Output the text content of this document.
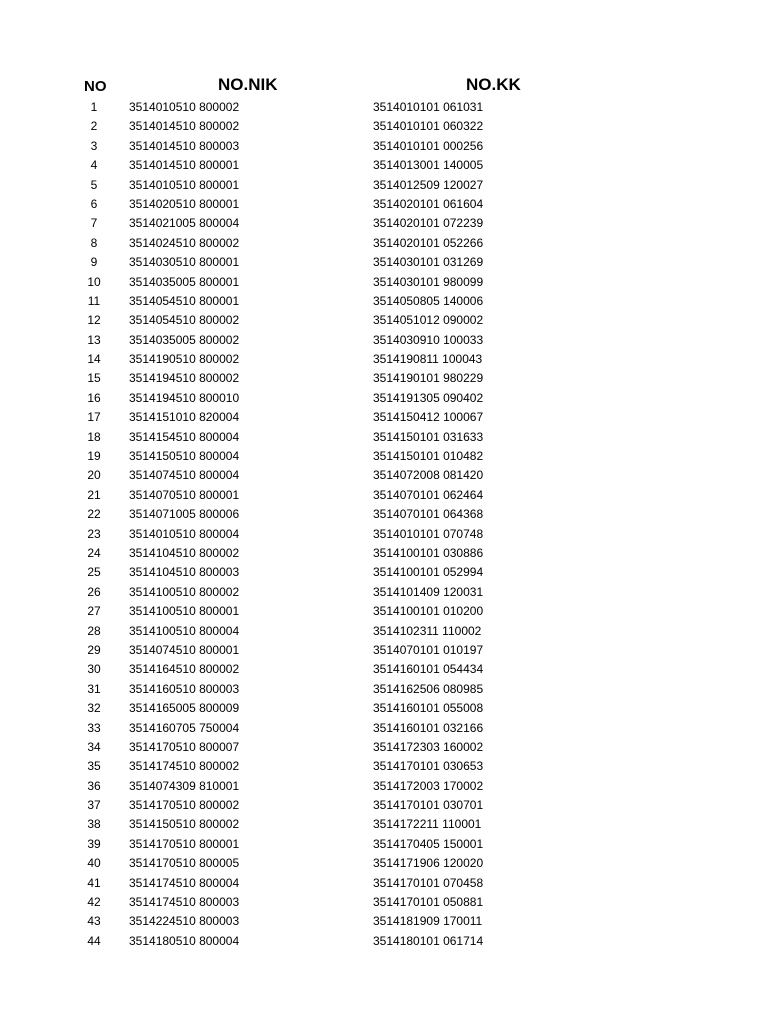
NO	NO.NIK	NO.KK
1	3514010510 800002	3514010101 061031
2	3514014510 800002	3514010101 060322
3	3514014510 800003	3514010101 000256
4	3514014510 800001	3514013001 140005
5	3514010510 800001	3514012509 120027
6	3514020510 800001	3514020101 061604
7	3514021005 800004	3514020101 072239
8	3514024510 800002	3514020101 052266
9	3514030510 800001	3514030101 031269
10	3514035005 800001	3514030101 980099
11	3514054510 800001	3514050805 140006
12	3514054510 800002	3514051012 090002
13	3514035005 800002	3514030910 100033
14	3514190510 800002	3514190811 100043
15	3514194510 800002	3514190101 980229
16	3514194510 800010	3514191305 090402
17	3514151010 820004	3514150412 100067
18	3514154510 800004	3514150101 031633
19	3514150510 800004	3514150101 010482
20	3514074510 800004	3514072008 081420
21	3514070510 800001	3514070101 062464
22	3514071005 800006	3514070101 064368
23	3514010510 800004	3514010101 070748
24	3514104510 800002	3514100101 030886
25	3514104510 800003	3514100101 052994
26	3514100510 800002	3514101409 120031
27	3514100510 800001	3514100101 010200
28	3514100510 800004	3514102311 110002
29	3514074510 800001	3514070101 010197
30	3514164510 800002	3514160101 054434
31	3514160510 800003	3514162506 080985
32	3514165005 800009	3514160101 055008
33	3514160705 750004	3514160101 032166
34	3514170510 800007	3514172303 160002
35	3514174510 800002	3514170101 030653
36	3514074309 810001	3514172003 170002
37	3514170510 800002	3514170101 030701
38	3514150510 800002	3514172211 110001
39	3514170510 800001	3514170405 150001
40	3514170510 800005	3514171906 120020
41	3514174510 800004	3514170101 070458
42	3514174510 800003	3514170101 050881
43	3514224510 800003	3514181909 170011
44	3514180510 800004	3514180101 061714
